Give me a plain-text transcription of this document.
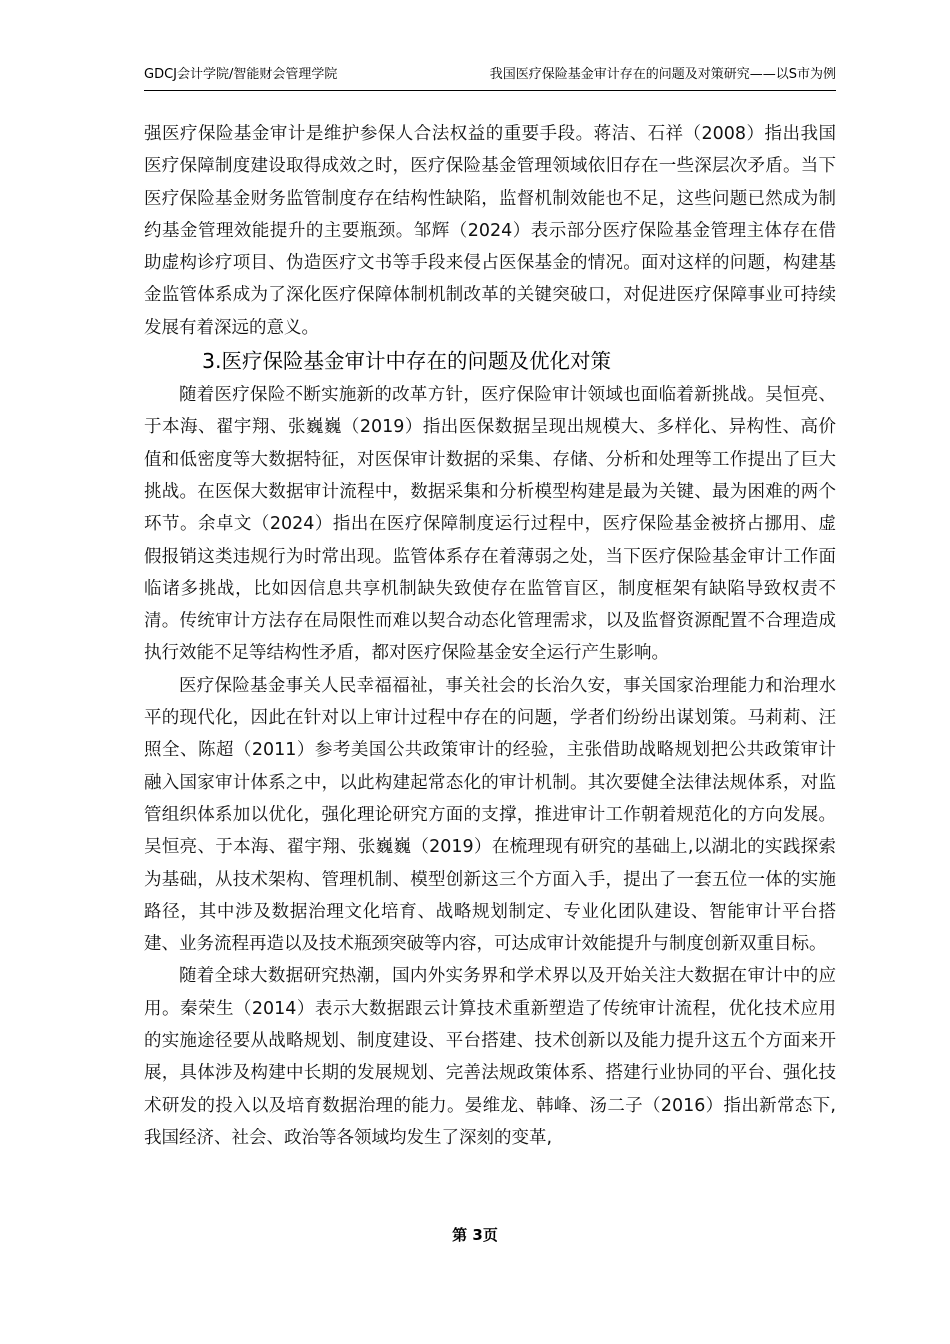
GDCJ会计学院/智能财会管理学院	我国医疗保险基金审计存在的问题及对策研究——以S市为例

强医疗保险基金审计是维护参保人合法权益的重要手段。蒋洁、石祥（2008）指出我国医疗保障制度建设取得成效之时，医疗保险基金管理领域依旧存在一些深层次矛盾。当下医疗保险基金财务监管制度存在结构性缺陷，监督机制效能也不足，这些问题已然成为制约基金管理效能提升的主要瓶颈。邹辉（2024）表示部分医疗保险基金管理主体存在借助虚构诊疗项目、伪造医疗文书等手段来侵占医保基金的情况。面对这样的问题，构建基金监管体系成为了深化医疗保障体制机制改革的关键突破口，对促进医疗保障事业可持续发展有着深远的意义。

3.医疗保险基金审计中存在的问题及优化对策

随着医疗保险不断实施新的改革方针，医疗保险审计领域也面临着新挑战。吴恒亮、于本海、翟宇翔、张巍巍（2019）指出医保数据呈现出规模大、多样化、异构性、高价值和低密度等大数据特征，对医保审计数据的采集、存储、分析和处理等工作提出了巨大挑战。在医保大数据审计流程中，数据采集和分析模型构建是最为关键、最为困难的两个环节。余卓文（2024）指出在医疗保障制度运行过程中，医疗保险基金被挤占挪用、虚假报销这类违规行为时常出现。监管体系存在着薄弱之处，当下医疗保险基金审计工作面临诸多挑战，比如因信息共享机制缺失致使存在监管盲区，制度框架有缺陷导致权责不清。传统审计方法存在局限性而难以契合动态化管理需求，以及监督资源配置不合理造成执行效能不足等结构性矛盾，都对医疗保险基金安全运行产生影响。

医疗保险基金事关人民幸福福祉，事关社会的长治久安，事关国家治理能力和治理水平的现代化，因此在针对以上审计过程中存在的问题，学者们纷纷出谋划策。马莉莉、汪照全、陈超（2011）参考美国公共政策审计的经验，主张借助战略规划把公共政策审计融入国家审计体系之中，以此构建起常态化的审计机制。其次要健全法律法规体系，对监管组织体系加以优化，强化理论研究方面的支撑，推进审计工作朝着规范化的方向发展。吴恒亮、于本海、翟宇翔、张巍巍（2019）在梳理现有研究的基础上,以湖北的实践探索为基础，从技术架构、管理机制、模型创新这三个方面入手，提出了一套五位一体的实施路径，其中涉及数据治理文化培育、战略规划制定、专业化团队建设、智能审计平台搭建、业务流程再造以及技术瓶颈突破等内容，可达成审计效能提升与制度创新双重目标。

随着全球大数据研究热潮，国内外实务界和学术界以及开始关注大数据在审计中的应用。秦荣生（2014）表示大数据跟云计算技术重新塑造了传统审计流程，优化技术应用的实施途径要从战略规划、制度建设、平台搭建、技术创新以及能力提升这五个方面来开展，具体涉及构建中长期的发展规划、完善法规政策体系、搭建行业协同的平台、强化技术研发的投入以及培育数据治理的能力。晏维龙、韩峰、汤二子（2016）指出新常态下,我国经济、社会、政治等各领域均发生了深刻的变革,

第 3页
